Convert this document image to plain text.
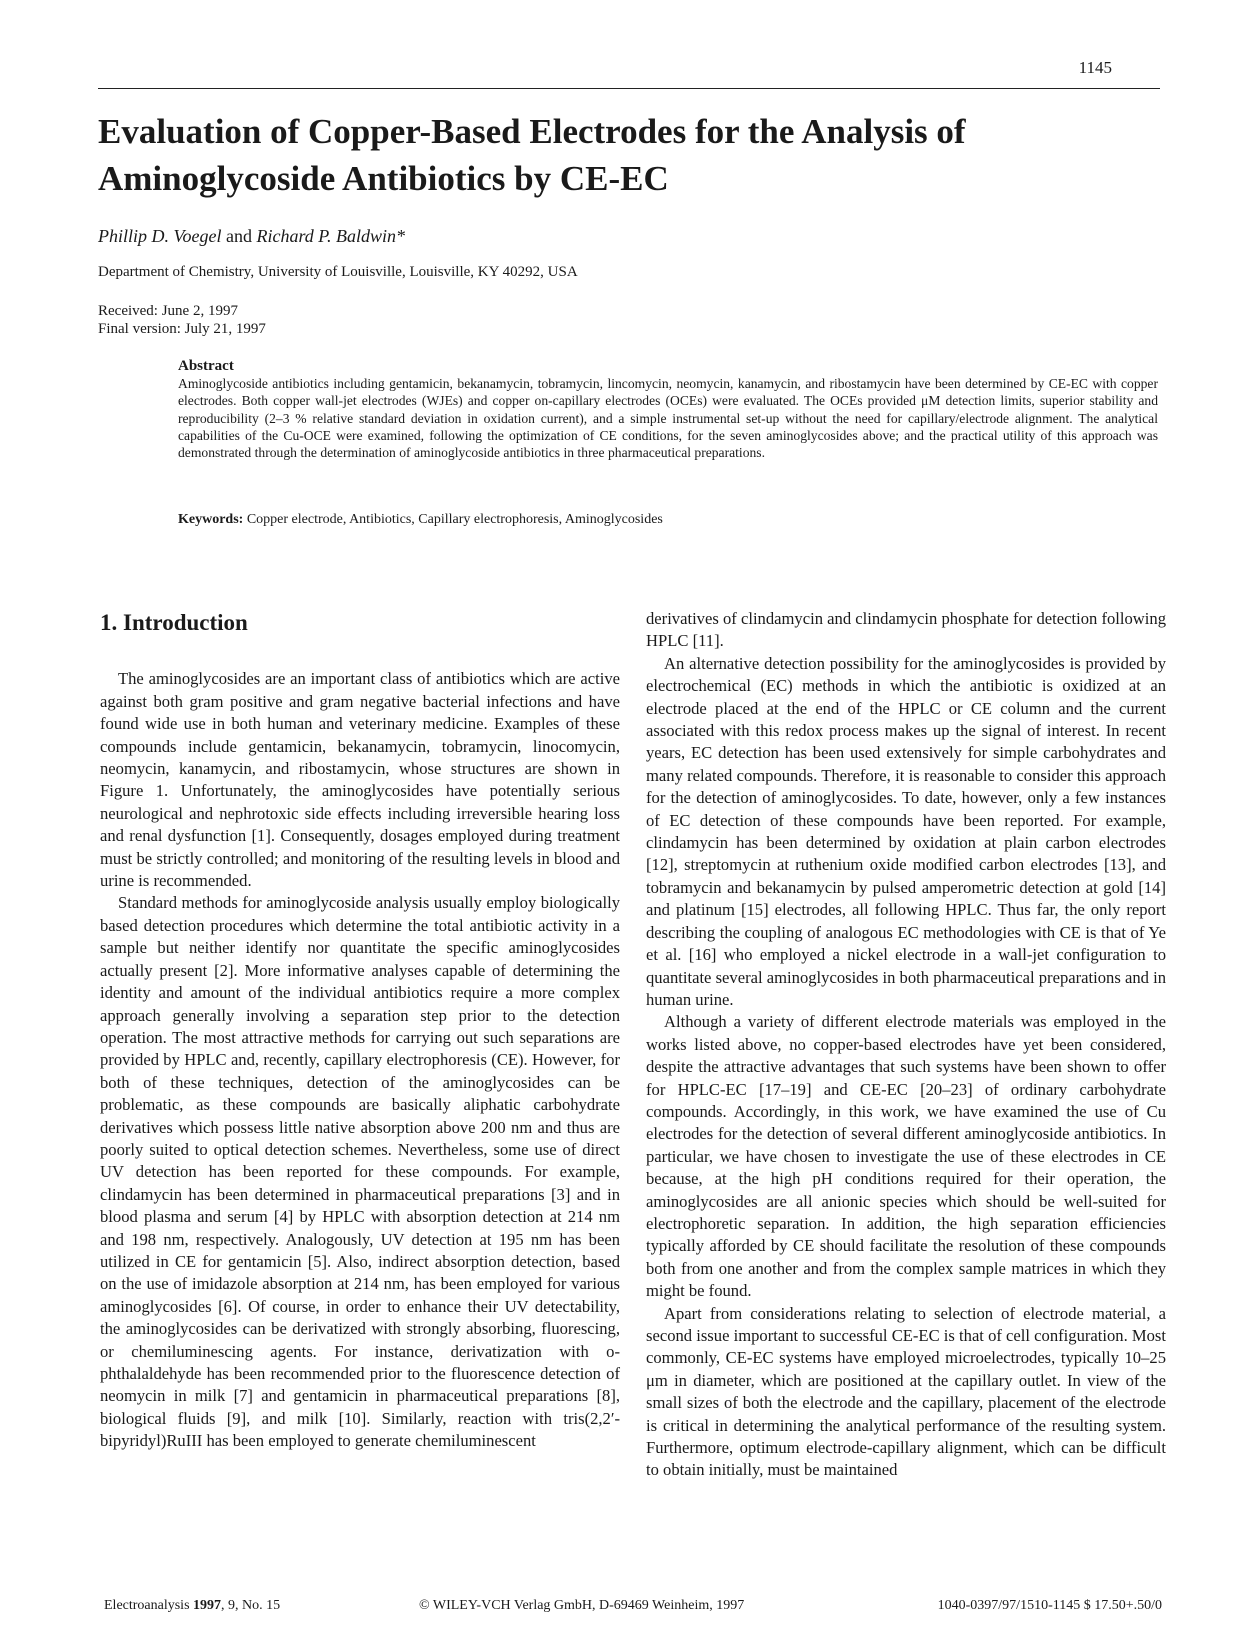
1145
Evaluation of Copper-Based Electrodes for the Analysis of Aminoglycoside Antibiotics by CE-EC
Phillip D. Voegel and Richard P. Baldwin*
Department of Chemistry, University of Louisville, Louisville, KY 40292, USA
Received: June 2, 1997
Final version: July 21, 1997
Abstract
Aminoglycoside antibiotics including gentamicin, bekanamycin, tobramycin, lincomycin, neomycin, kanamycin, and ribostamycin have been determined by CE-EC with copper electrodes. Both copper wall-jet electrodes (WJEs) and copper on-capillary electrodes (OCEs) were evaluated. The OCEs provided μM detection limits, superior stability and reproducibility (2–3 % relative standard deviation in oxidation current), and a simple instrumental set-up without the need for capillary/electrode alignment. The analytical capabilities of the Cu-OCE were examined, following the optimization of CE conditions, for the seven aminoglycosides above; and the practical utility of this approach was demonstrated through the determination of aminoglycoside antibiotics in three pharmaceutical preparations.
Keywords: Copper electrode, Antibiotics, Capillary electrophoresis, Aminoglycosides
1. Introduction

The aminoglycosides are an important class of antibiotics which are active against both gram positive and gram negative bacterial infections and have found wide use in both human and veterinary medicine. Examples of these compounds include gentamicin, bekanamycin, tobramycin, linocomycin, neomycin, kanamycin, and ribostamycin, whose structures are shown in Figure 1. Unfortunately, the aminoglycosides have potentially serious neurological and nephrotoxic side effects including irreversible hearing loss and renal dysfunction [1]. Consequently, dosages employed during treatment must be strictly controlled; and monitoring of the resulting levels in blood and urine is recommended.

Standard methods for aminoglycoside analysis usually employ biologically based detection procedures which determine the total antibiotic activity in a sample but neither identify nor quantitate the specific aminoglycosides actually present [2]. More informative analyses capable of determining the identity and amount of the individual antibiotics require a more complex approach generally involving a separation step prior to the detection operation. The most attractive methods for carrying out such separations are provided by HPLC and, recently, capillary electrophoresis (CE). However, for both of these techniques, detection of the aminoglycosides can be problematic, as these compounds are basically aliphatic carbohydrate derivatives which possess little native absorption above 200 nm and thus are poorly suited to optical detection schemes. Nevertheless, some use of direct UV detection has been reported for these compounds. For example, clindamycin has been determined in pharmaceutical preparations [3] and in blood plasma and serum [4] by HPLC with absorption detection at 214 nm and 198 nm, respectively. Analogously, UV detection at 195 nm has been utilized in CE for gentamicin [5]. Also, indirect absorption detection, based on the use of imidazole absorption at 214 nm, has been employed for various aminoglycosides [6]. Of course, in order to enhance their UV detectability, the aminoglycosides can be derivatized with strongly absorbing, fluorescing, or chemiluminescing agents. For instance, derivatization with o-phthalaldehyde has been recommended prior to the fluorescence detection of neomycin in milk [7] and gentamicin in pharmaceutical preparations [8], biological fluids [9], and milk [10]. Similarly, reaction with tris(2,2′-bipyridyl)RuIII has been employed to generate chemiluminescent

derivatives of clindamycin and clindamycin phosphate for detection following HPLC [11].

An alternative detection possibility for the aminoglycosides is provided by electrochemical (EC) methods in which the antibiotic is oxidized at an electrode placed at the end of the HPLC or CE column and the current associated with this redox process makes up the signal of interest. In recent years, EC detection has been used extensively for simple carbohydrates and many related compounds. Therefore, it is reasonable to consider this approach for the detection of aminoglycosides. To date, however, only a few instances of EC detection of these compounds have been reported. For example, clindamycin has been determined by oxidation at plain carbon electrodes [12], streptomycin at ruthenium oxide modified carbon electrodes [13], and tobramycin and bekanamycin by pulsed amperometric detection at gold [14] and platinum [15] electrodes, all following HPLC. Thus far, the only report describing the coupling of analogous EC methodologies with CE is that of Ye et al. [16] who employed a nickel electrode in a wall-jet configuration to quantitate several aminoglycosides in both pharmaceutical preparations and in human urine.

Although a variety of different electrode materials was employed in the works listed above, no copper-based electrodes have yet been considered, despite the attractive advantages that such systems have been shown to offer for HPLC-EC [17–19] and CE-EC [20–23] of ordinary carbohydrate compounds. Accordingly, in this work, we have examined the use of Cu electrodes for the detection of several different aminoglycoside antibiotics. In particular, we have chosen to investigate the use of these electrodes in CE because, at the high pH conditions required for their operation, the aminoglycosides are all anionic species which should be well-suited for electrophoretic separation. In addition, the high separation efficiencies typically afforded by CE should facilitate the resolution of these compounds both from one another and from the complex sample matrices in which they might be found.

Apart from considerations relating to selection of electrode material, a second issue important to successful CE-EC is that of cell configuration. Most commonly, CE-EC systems have employed microelectrodes, typically 10–25 μm in diameter, which are positioned at the capillary outlet. In view of the small sizes of both the electrode and the capillary, placement of the electrode is critical in determining the analytical performance of the resulting system. Furthermore, optimum electrode-capillary alignment, which can be difficult to obtain initially, must be maintained

Electroanalysis 1997, 9, No. 15	© WILEY-VCH Verlag GmbH, D-69469 Weinheim, 1997	1040-0397/97/1510-1145 $ 17.50+.50/0
